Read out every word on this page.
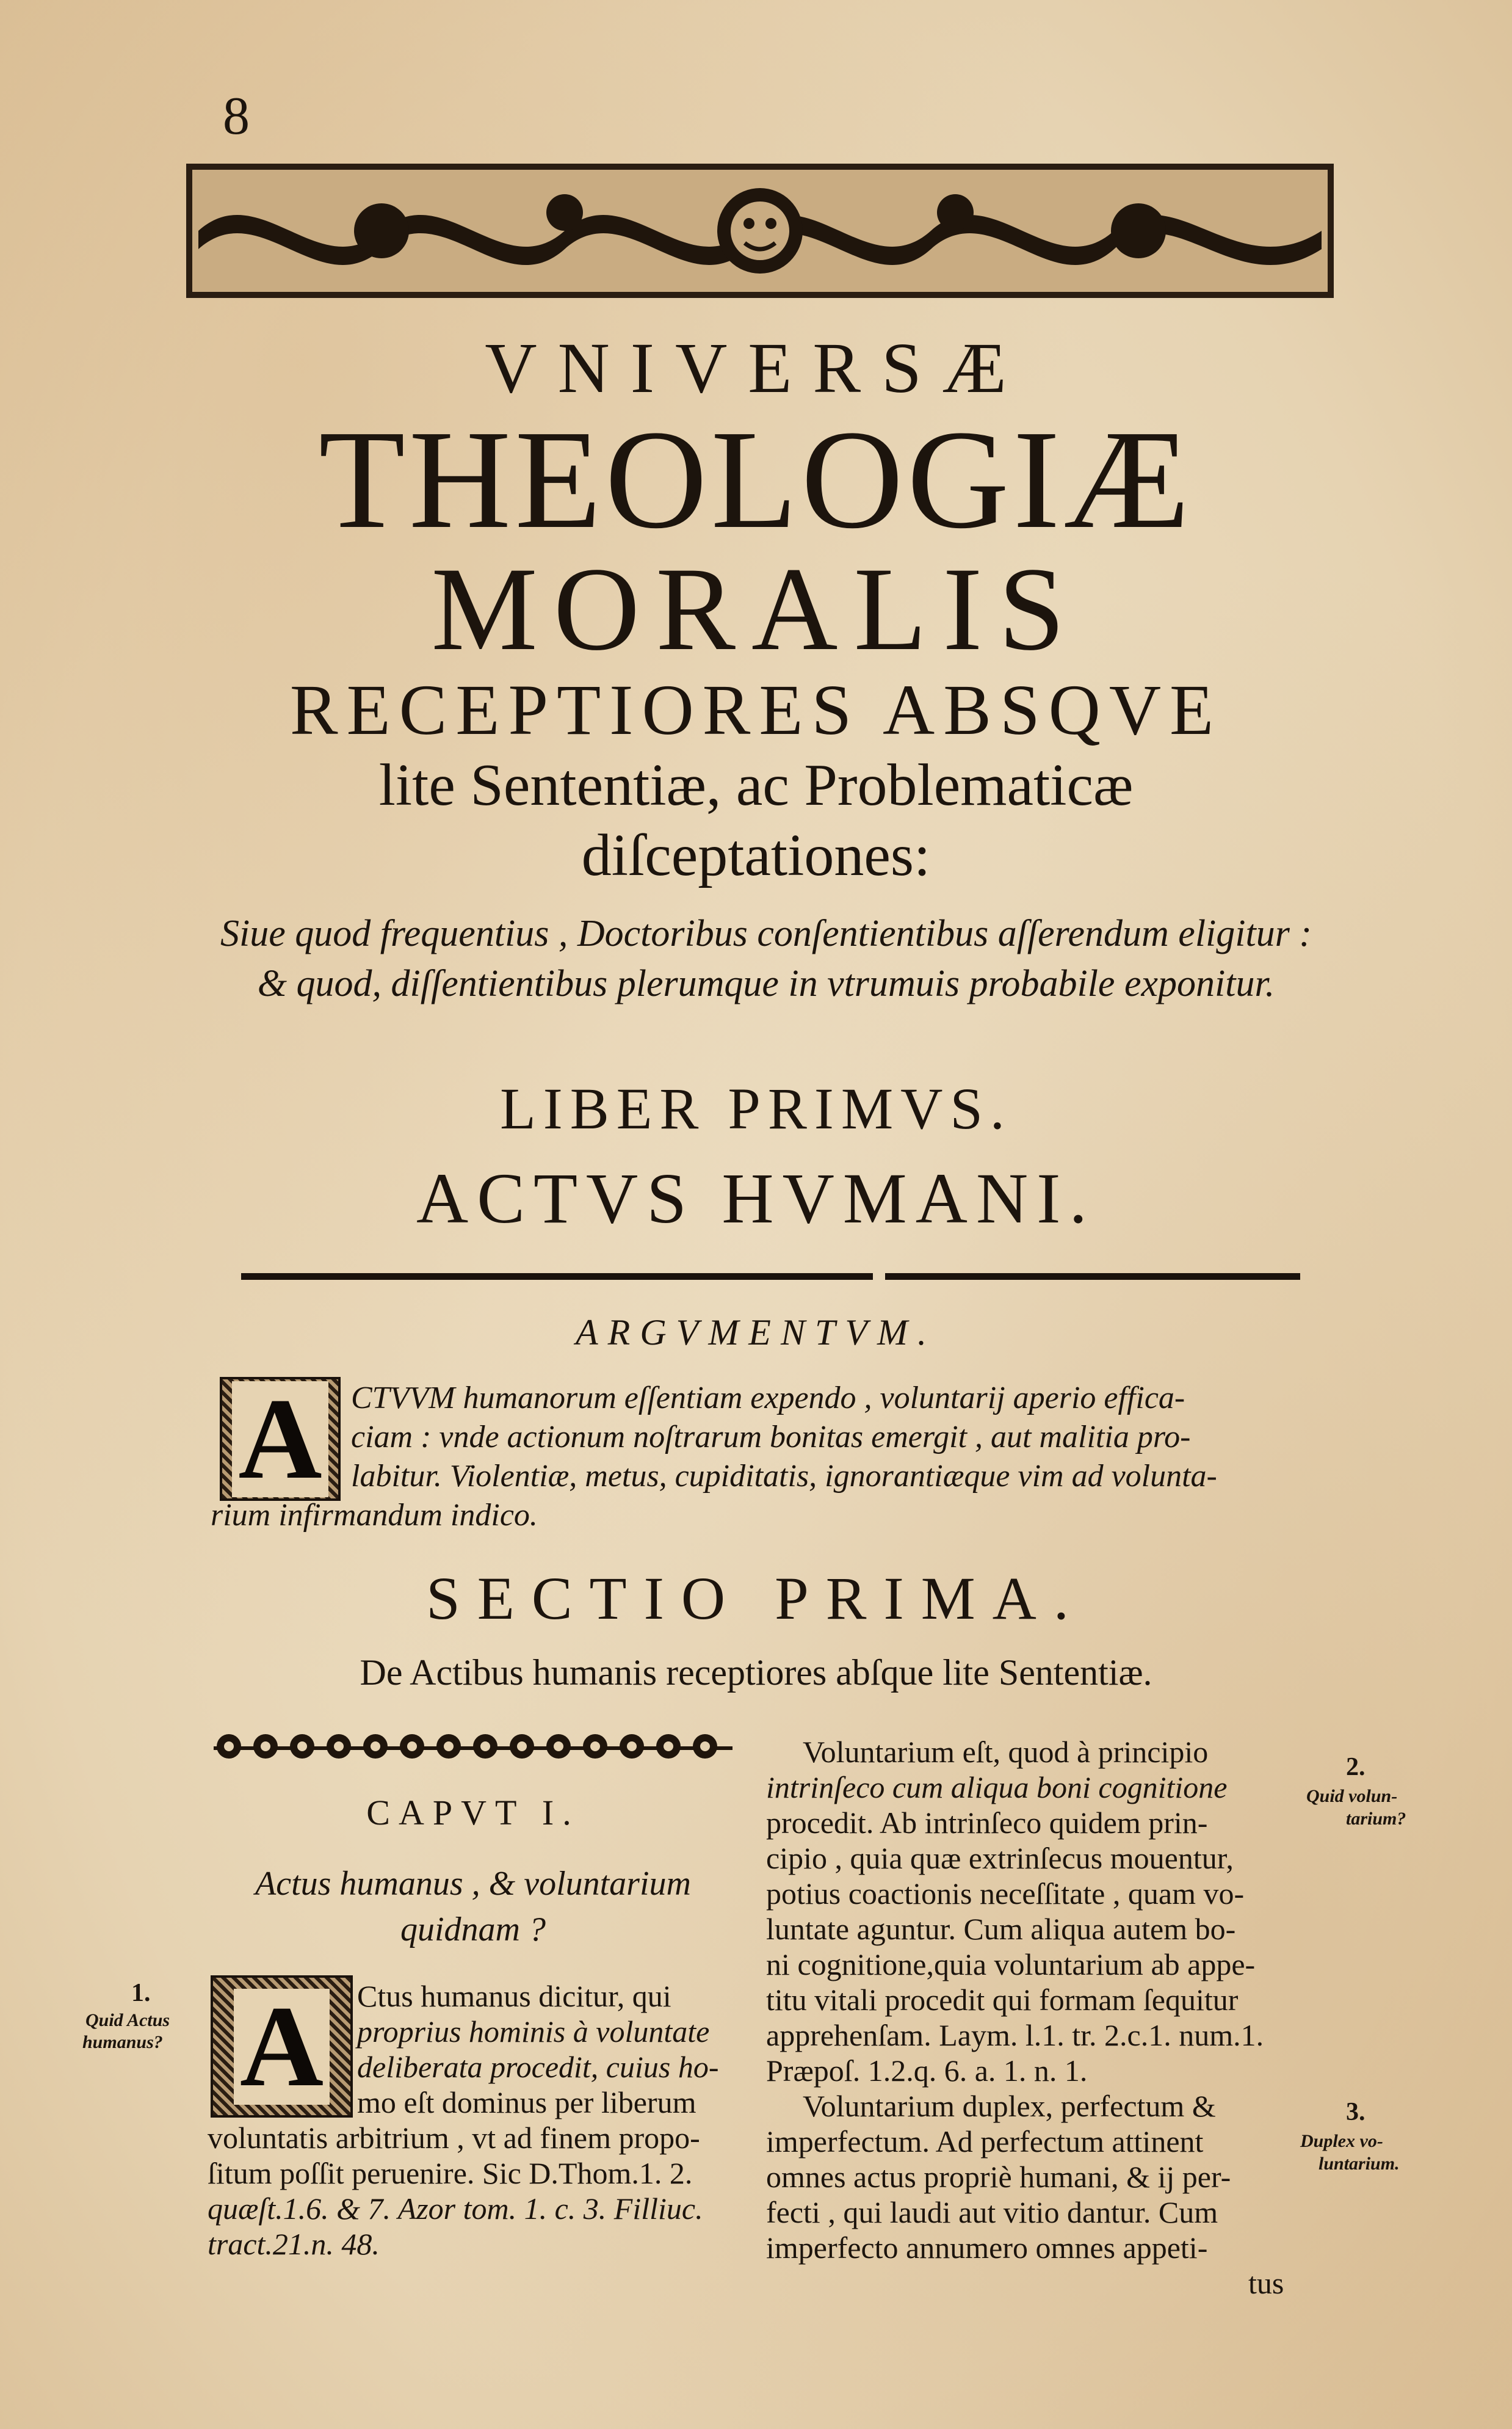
8
VNIVERSÆ
THEOLOGIÆ
MORALIS
RECEPTIORES ABSQVE
lite Sententiæ, ac Problematicæ
diſceptationes:
Siue quod frequentius , Doctoribus conſentientibus aſſerendum eligitur : & quod, diſſentientibus plerumque in vtrumuis probabile exponitur.
LIBER PRIMVS.
ACTVS HVMANI.
ARGVMENTVM.
A CTVVM humanorum eſſentiam expendo , voluntarij aperio effica-
ciam : vnde actionum noſtrarum bonitas emergit , aut malitia pro-
labitur. Violentiæ, metus, cupiditatis, ignorantiæque vim ad volunta-
rium infirmandum indico.
SECTIO PRIMA.
De Actibus humanis receptiores abſque lite Sententiæ.
CAPVT I.
Actus humanus , & voluntarium
quidnam ?
1.
Quid Actus
humanus? A Ctus humanus dicitur, qui
proprius hominis à voluntate
deliberata procedit, cuius ho-
mo eſt dominus per liberum
voluntatis arbitrium , vt ad finem propo-
ſitum poſſit peruenire. Sic D.Thom.1. 2.
quæſt.1.6. & 7. Azor tom. 1. c. 3. Filliuc.
tract.21.n. 48.
Voluntarium eſt, quod à principio
intrinſeco cum aliqua boni cognitione
procedit. Ab intrinſeco quidem prin-
cipio , quia quæ extrinſecus mouentur,
potius coactionis neceſſitate , quam vo-
luntate aguntur. Cum aliqua autem bo-
ni cognitione,quia voluntarium ab appe-
titu vitali procedit qui formam ſequitur
apprehenſam. Laym. l.1. tr. 2.c.1. num.1.
Præpoſ. 1.2.q. 6. a. 1. n. 1.
Voluntarium duplex, perfectum &
imperfectum. Ad perfectum attinent
omnes actus propriè humani, & ij per-
fecti , qui laudi aut vitio dantur. Cum
imperfecto annumero omnes appeti-
tus
2.
Quid volun-
tarium?
3.
Duplex vo-
luntarium.
